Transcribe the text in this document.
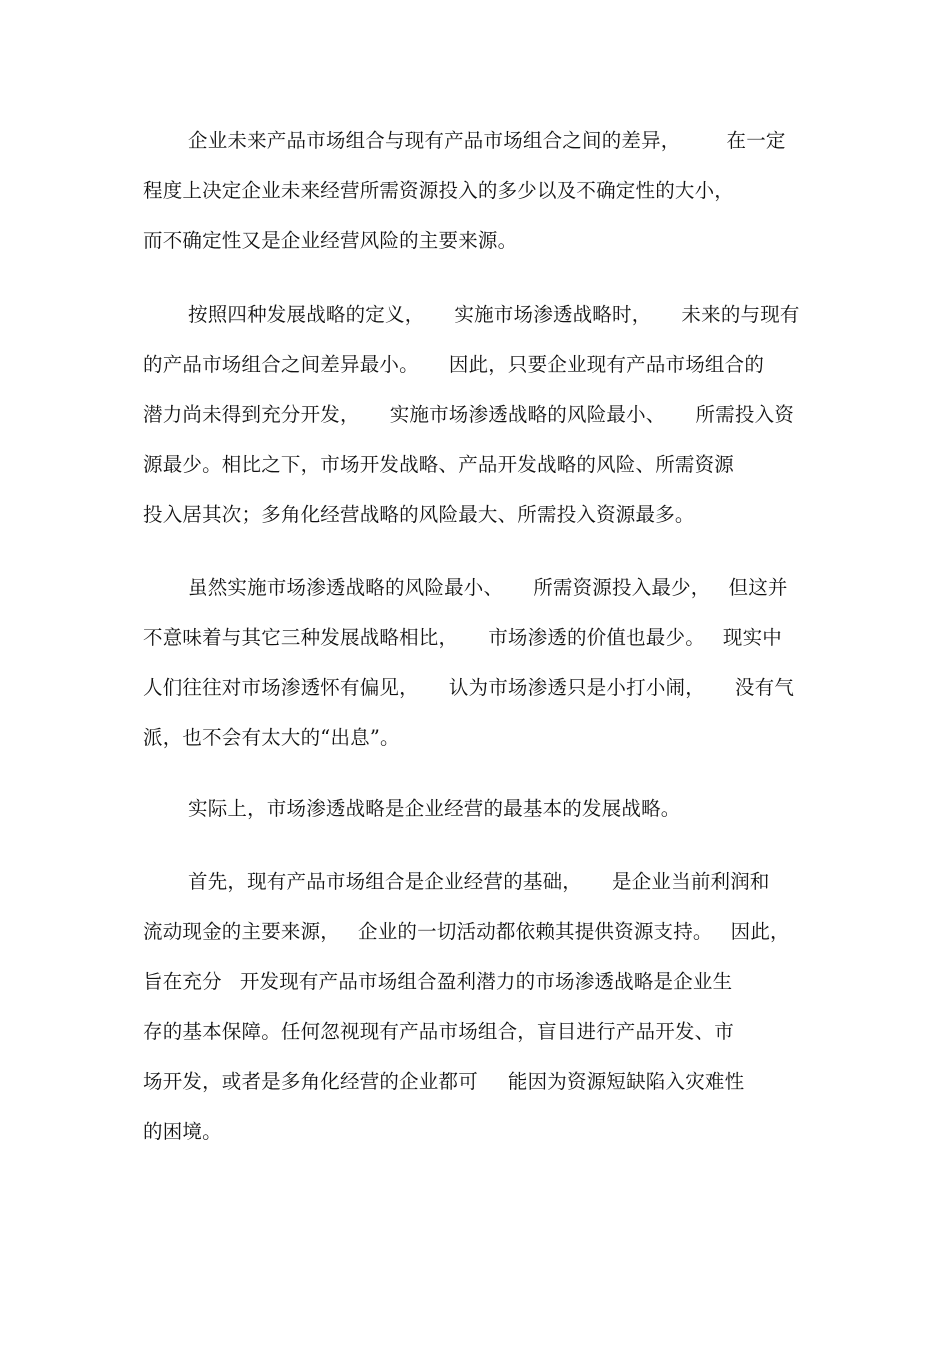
企业未来产品市场组合与现有产品市场组合之间的差异， 在一定
程度上决定企业未来经营所需资源投入的多少以及不确定性的大小，
而不确定性又是企业经营风险的主要来源。
按照四种发展战略的定义， 实施市场渗透战略时， 未来的与现有
的产品市场组合之间差异最小。 因此，只要企业现有产品市场组合的
潜力尚未得到充分开发， 实施市场渗透战略的风险最小、 所需投入资
源最少。相比之下，市场开发战略、产品开发战略的风险、所需资源
投入居其次；多角化经营战略的风险最大、所需投入资源最多。
虽然实施市场渗透战略的风险最小、 所需资源投入最少， 但这并
不意味着与其它三种发展战略相比， 市场渗透的价值也最少。 现实中
人们往往对市场渗透怀有偏见， 认为市场渗透只是小打小闹， 没有气
派，也不会有太大的“出息”。
实际上，市场渗透战略是企业经营的最基本的发展战略。
首先，现有产品市场组合是企业经营的基础， 是企业当前利润和
流动现金的主要来源， 企业的一切活动都依赖其提供资源支持。 因此，
旨在充分 开发现有产品市场组合盈利潜力的市场渗透战略是企业生
存的基本保障。任何忽视现有产品市场组合，盲目进行产品开发、市
场开发，或者是多角化经营的企业都可 能因为资源短缺陷入灾难性
的困境。
